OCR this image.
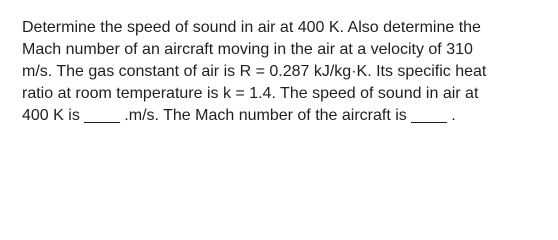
Determine the speed of sound in air at 400 K. Also determine the
Mach number of an aircraft moving in the air at a velocity of 310
m/s. The gas constant of air is R = 0.287 kJ/kg·K. Its specific heat
ratio at room temperature is k = 1.4. The speed of sound in air at
400 K is ____ .m/s. The Mach number of the aircraft is ____ .
